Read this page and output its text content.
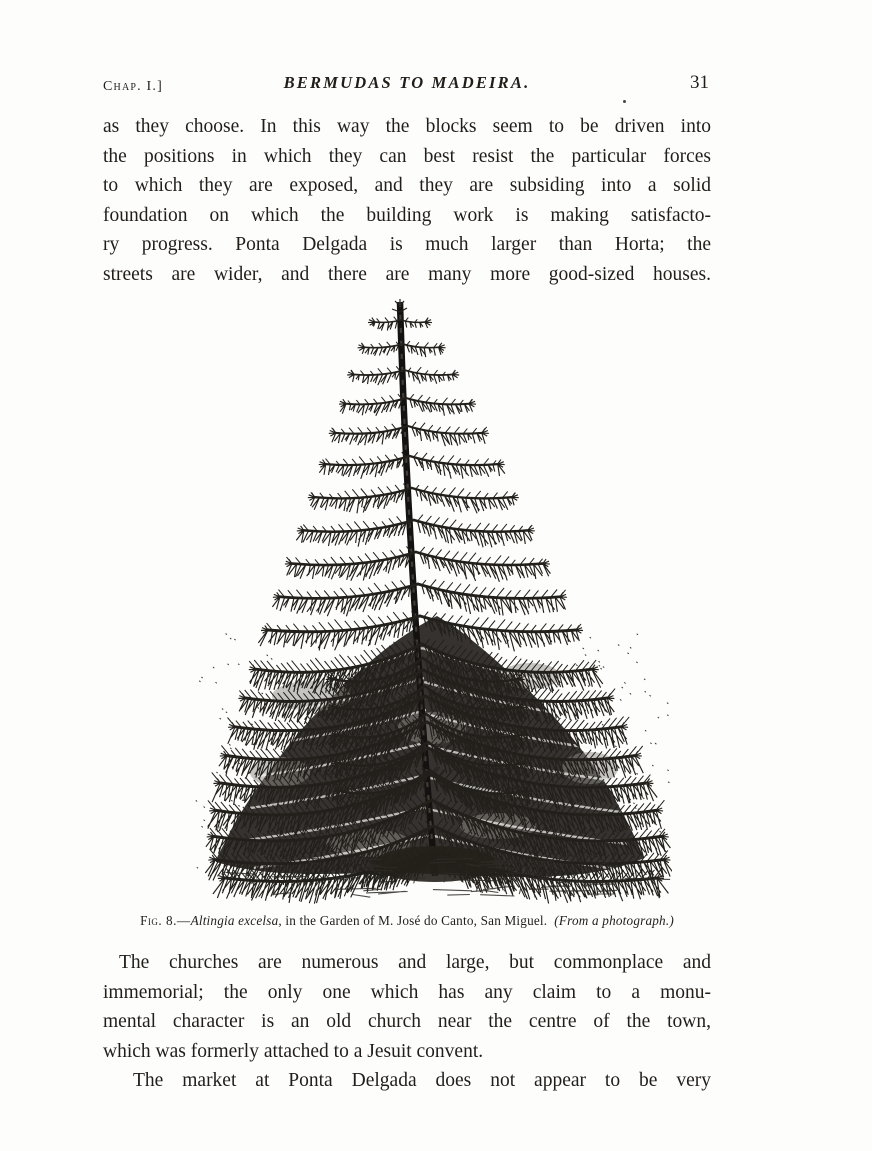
Chap. I.]	BERMUDAS TO MADEIRA.	31
as they choose. In this way the blocks seem to be driven into
the positions in which they can best resist the particular forces
to which they are exposed, and they are subsiding into a solid
foundation on which the building work is making satisfacto-
ry progress. Ponta Delgada is much larger than Horta; the
streets are wider, and there are many more good-sized houses.
Fig. 8.—Altingia excelsa, in the Garden of M. José do Canto, San Miguel.  (From a photograph.)
The churches are numerous and large, but commonplace and
immemorial; the only one which has any claim to a monu-
mental character is an old church near the centre of the town,
which was formerly attached to a Jesuit convent.
The market at Ponta Delgada does not appear to be very
